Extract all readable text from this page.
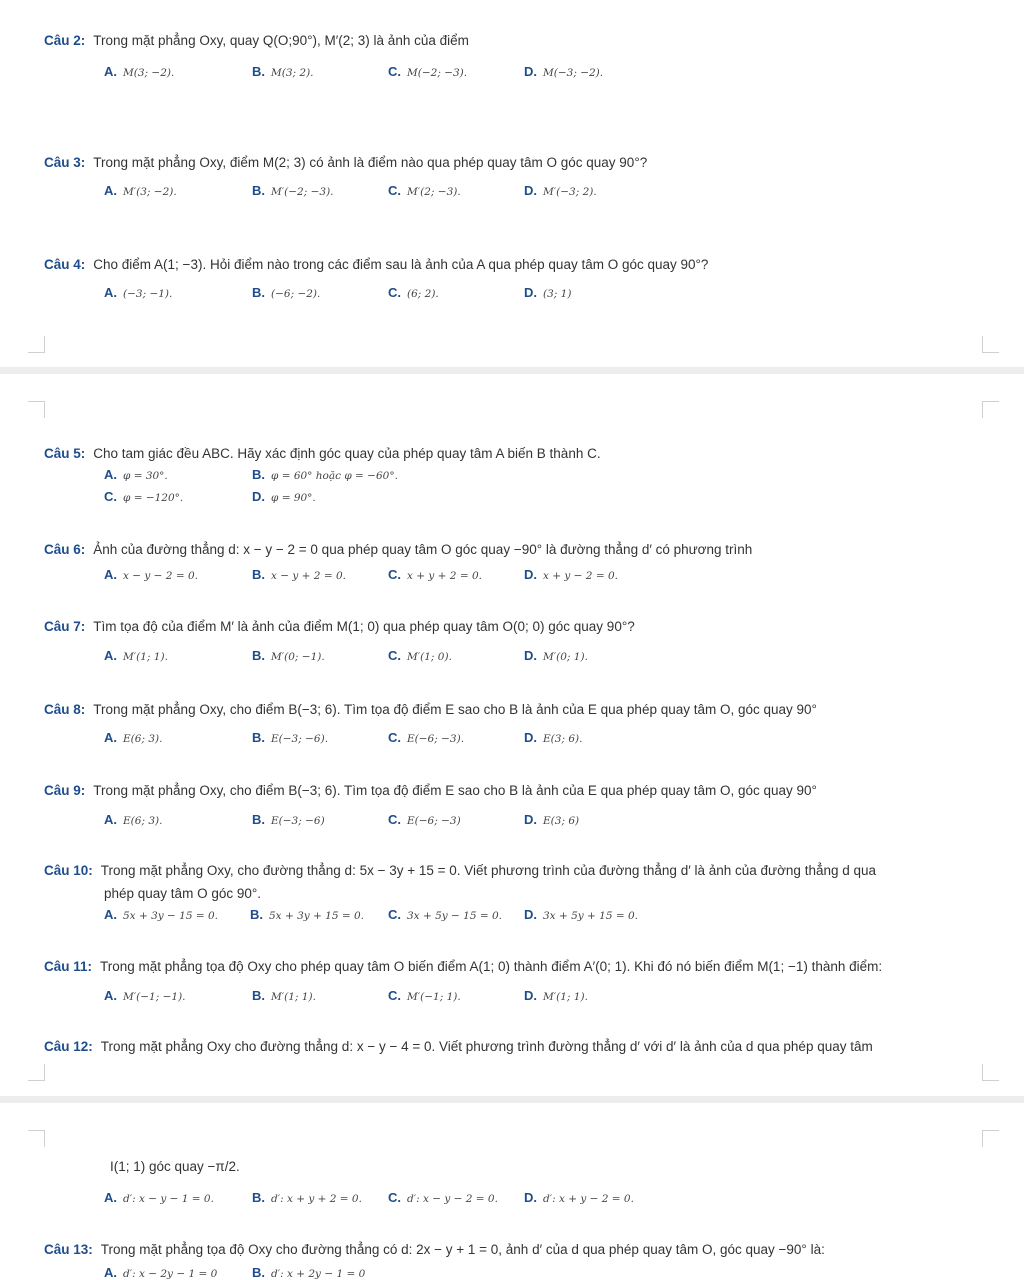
Câu 2: Trong mặt phẳng Oxy, quay Q(O;90°), M′(2; 3) là ảnh của điểm
A. M(3; −2).	B. M(3; 2).	C. M(−2; −3).	D. M(−3; −2).
Câu 3: Trong mặt phẳng Oxy, điểm M(2; 3) có ảnh là điểm nào qua phép quay tâm O góc quay 90°?
A. M′(3; −2).	B. M′(−2; −3).	C. M′(2; −3).	D. M′(−3; 2).
Câu 4: Cho điểm A(1; −3). Hỏi điểm nào trong các điểm sau là ảnh của A qua phép quay tâm O góc quay 90°?
A. (−3; −1).	B. (−6; −2).	C. (6; 2).	D. (3; 1)
Câu 5: Cho tam giác đều ABC. Hãy xác định góc quay của phép quay tâm A biến B thành C.
A. φ = 30°.	B. φ = 60° hoặc φ = −60°.
C. φ = −120°.	D. φ = 90°.
Câu 6: Ảnh của đường thẳng d: x − y − 2 = 0 qua phép quay tâm O góc quay −90° là đường thẳng d′ có phương trình
A. x − y − 2 = 0.	B. x − y + 2 = 0.	C. x + y + 2 = 0.	D. x + y − 2 = 0.
Câu 7: Tìm tọa độ của điểm M′ là ảnh của điểm M(1; 0) qua phép quay tâm O(0; 0) góc quay 90°?
A. M′(1; 1).	B. M′(0; −1).	C. M′(1; 0).	D. M′(0; 1).
Câu 8: Trong mặt phẳng Oxy, cho điểm B(−3; 6). Tìm tọa độ điểm E sao cho B là ảnh của E qua phép quay tâm O, góc quay 90°
A. E(6; 3).	B. E(−3; −6).	C. E(−6; −3).	D. E(3; 6).
Câu 9: Trong mặt phẳng Oxy, cho điểm B(−3; 6). Tìm tọa độ điểm E sao cho B là ảnh của E qua phép quay tâm O, góc quay 90°
A. E(6; 3).	B. E(−3; −6)	C. E(−6; −3)	D. E(3; 6)
Câu 10: Trong mặt phẳng Oxy, cho đường thẳng d: 5x − 3y + 15 = 0. Viết phương trình của đường thẳng d′ là ảnh của đường thẳng d qua
phép quay tâm O góc 90°.
A. 5x + 3y − 15 = 0. B. 5x + 3y + 15 = 0. C. 3x + 5y − 15 = 0. D. 3x + 5y + 15 = 0.
Câu 11: Trong mặt phẳng tọa độ Oxy cho phép quay tâm O biến điểm A(1; 0) thành điểm A′(0; 1). Khi đó nó biến điểm M(1; −1) thành điểm:
A. M′(−1; −1).	B. M′(1; 1).	C. M′(−1; 1).	D. M′(1; 1).
Câu 12: Trong mặt phẳng Oxy cho đường thẳng d: x − y − 4 = 0. Viết phương trình đường thẳng d′ với d′ là ảnh của d qua phép quay tâm
I(1; 1) góc quay −π/2.
A. d′: x − y − 1 = 0.	B. d′: x + y + 2 = 0. C. d′: x − y − 2 = 0. D. d′: x + y − 2 = 0.
Câu 13: Trong mặt phẳng tọa độ Oxy cho đường thẳng có d: 2x − y + 1 = 0, ảnh d′ của d qua phép quay tâm O, góc quay −90° là:
A. d′: x − 2y − 1 = 0	B. d′: x + 2y − 1 = 0
